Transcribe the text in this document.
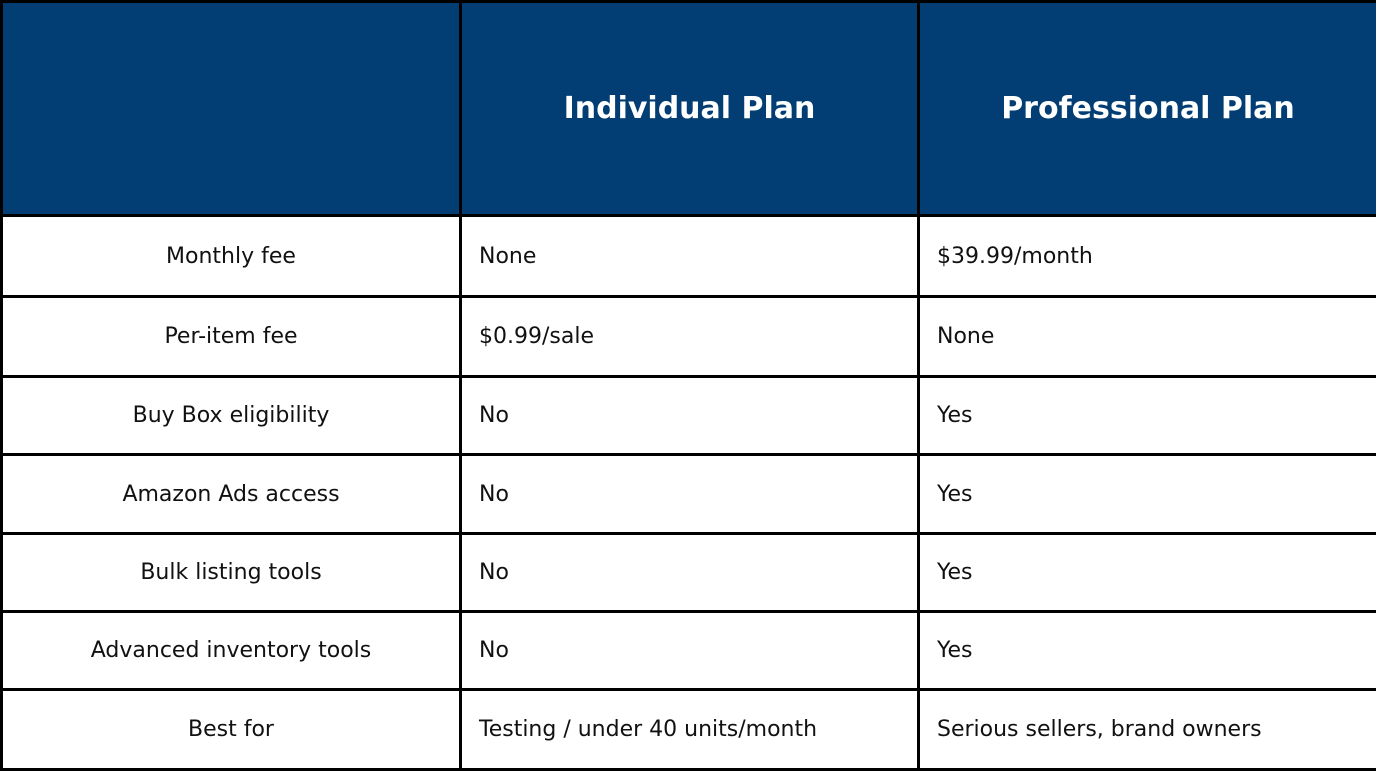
	Individual Plan	Professional Plan
Monthly fee	None	$39.99/month
Per-item fee	$0.99/sale	None
Buy Box eligibility	No	Yes
Amazon Ads access	No	Yes
Bulk listing tools	No	Yes
Advanced inventory tools	No	Yes
Best for	Testing / under 40 units/month	Serious sellers, brand owners
